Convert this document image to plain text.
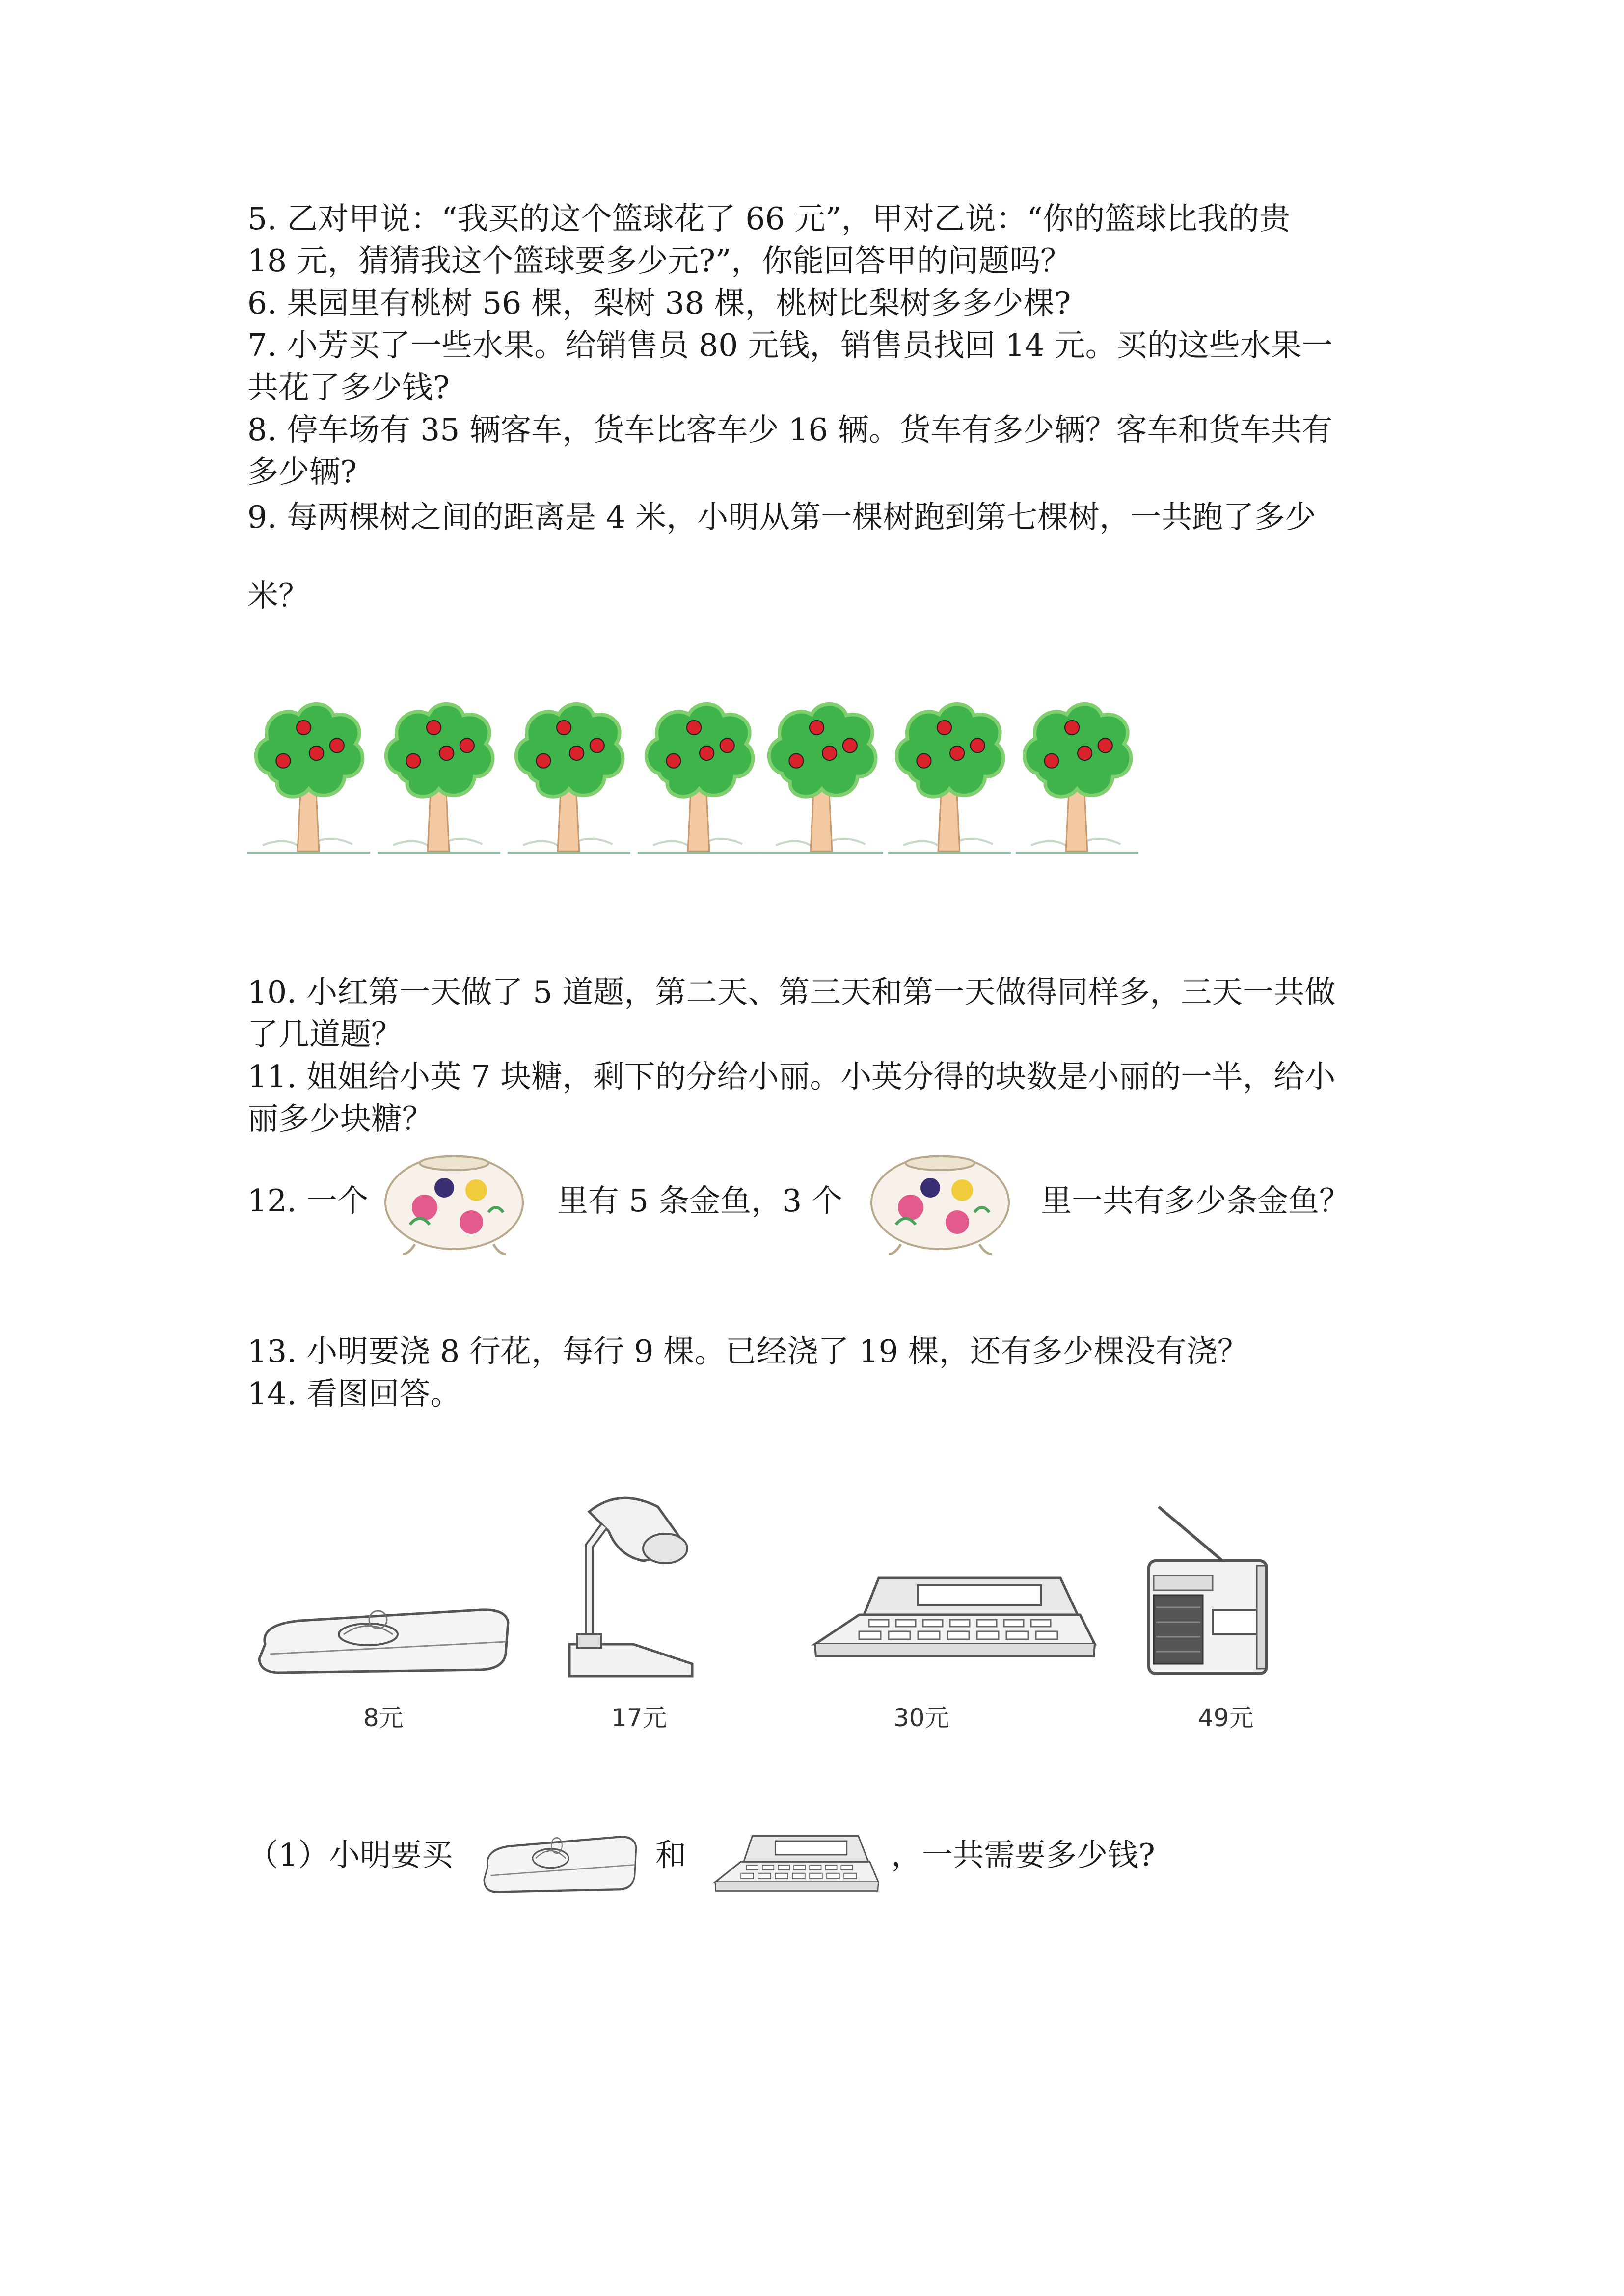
5. 乙对甲说：“我买的这个篮球花了 66 元”，甲对乙说：“你的篮球比我的贵
18 元，猜猜我这个篮球要多少元?”，你能回答甲的问题吗？
6. 果园里有桃树 56 棵，梨树 38 棵，桃树比梨树多多少棵?
7. 小芳买了一些水果。给销售员 80 元钱，销售员找回 14 元。买的这些水果一
共花了多少钱?
8. 停车场有 35 辆客车，货车比客车少 16 辆。货车有多少辆？客车和货车共有
多少辆?
9. 每两棵树之间的距离是 4 米，小明从第一棵树跑到第七棵树，一共跑了多少
米？
10. 小红第一天做了 5 道题，第二天、第三天和第一天做得同样多，三天一共做
了几道题？
11. 姐姐给小英 7 块糖，剩下的分给小丽。小英分得的块数是小丽的一半，给小
丽多少块糖？
12. 一个	里有 5 条金鱼，3 个	里一共有多少条金鱼？
13. 小明要浇 8 行花，每行 9 棵。已经浇了 19 棵，还有多少棵没有浇？
14. 看图回答。
8元	17元	30元	49元
（1）小明要买	和	，一共需要多少钱?
